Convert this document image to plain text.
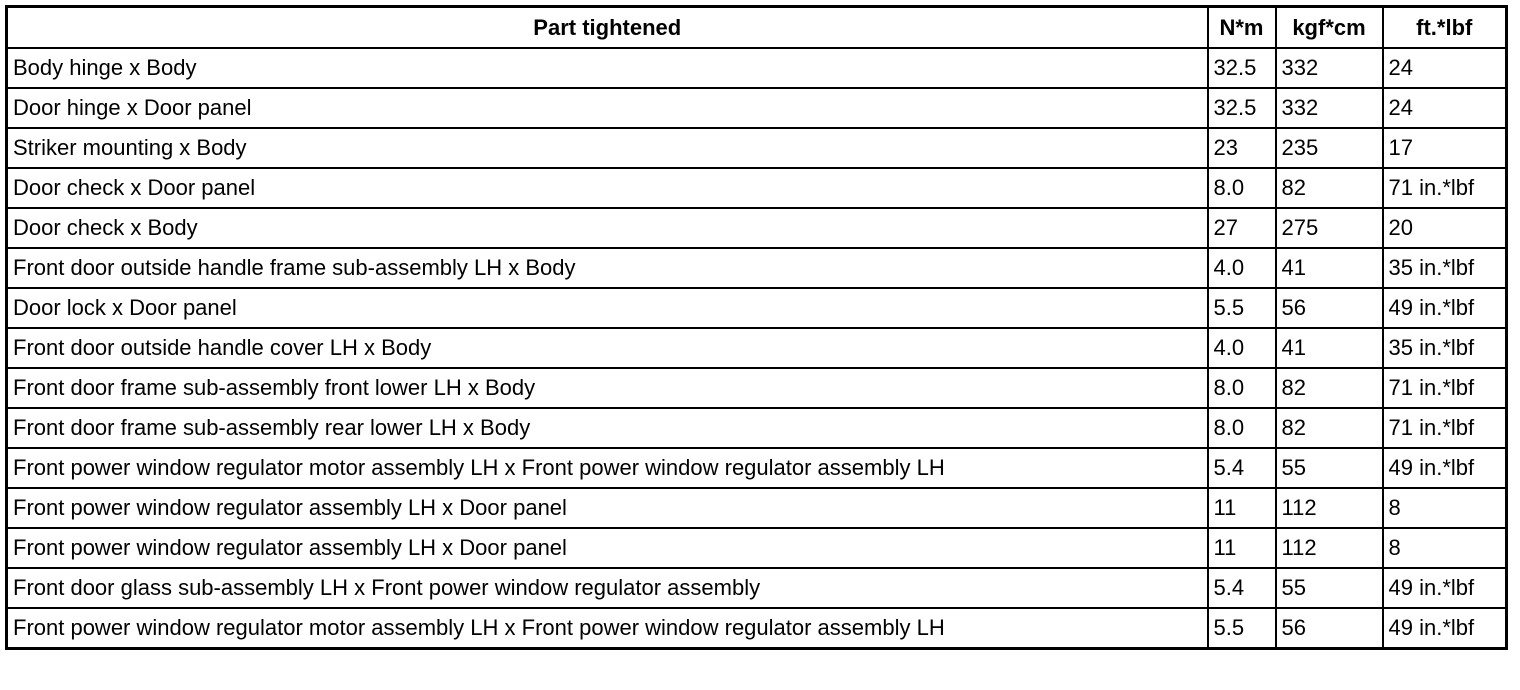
Part tightened	N*m	kgf*cm	ft.*lbf
Body hinge x Body	32.5	332	24
Door hinge x Door panel	32.5	332	24
Striker mounting x Body	23	235	17
Door check x Door panel	8.0	82	71 in.*lbf
Door check x Body	27	275	20
Front door outside handle frame sub-assembly LH x Body	4.0	41	35 in.*lbf
Door lock x Door panel	5.5	56	49 in.*lbf
Front door outside handle cover LH x Body	4.0	41	35 in.*lbf
Front door frame sub-assembly front lower LH x Body	8.0	82	71 in.*lbf
Front door frame sub-assembly rear lower LH x Body	8.0	82	71 in.*lbf
Front power window regulator motor assembly LH x Front power window regulator assembly LH	5.4	55	49 in.*lbf
Front power window regulator assembly LH x Door panel	11	112	8
Front power window regulator assembly LH x Door panel	11	112	8
Front door glass sub-assembly LH x Front power window regulator assembly	5.4	55	49 in.*lbf
Front power window regulator motor assembly LH x Front power window regulator assembly LH	5.5	56	49 in.*lbf
